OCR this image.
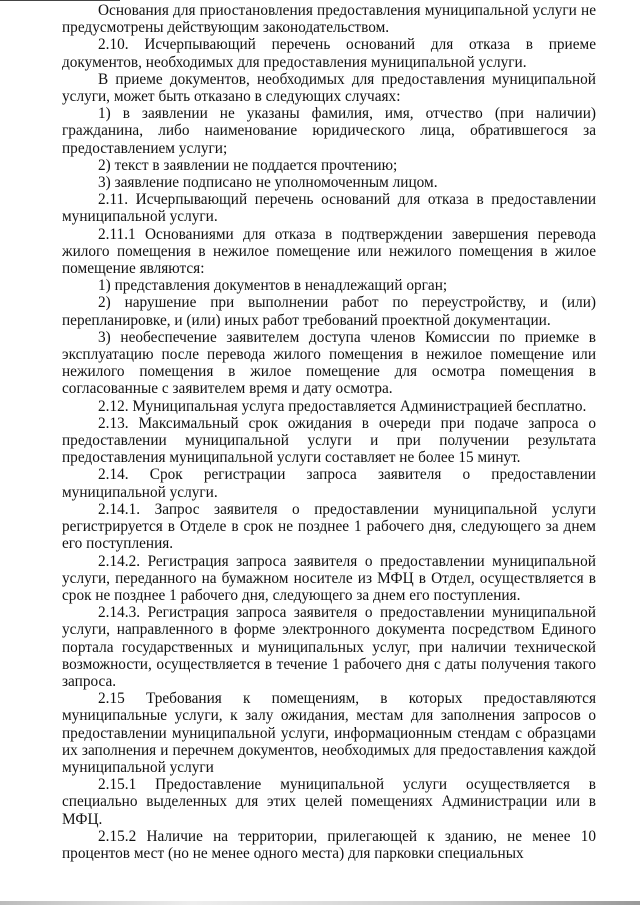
Основания для приостановления предоставления муниципальной услуги не предусмотрены действующим законодательством.

2.10. Исчерпывающий перечень оснований для отказа в приеме документов, необходимых для предоставления муниципальной услуги.

В приеме документов, необходимых для предоставления муниципальной услуги, может быть отказано в следующих случаях:

1) в заявлении не указаны фамилия, имя, отчество (при наличии) гражданина, либо наименование юридического лица, обратившегося за предоставлением услуги;

2) текст в заявлении не поддается прочтению;

3) заявление подписано не уполномоченным лицом.

2.11. Исчерпывающий перечень оснований для отказа в предоставлении муниципальной услуги.

2.11.1 Основаниями для отказа в подтверждении завершения перевода жилого помещения в нежилое помещение или нежилого помещения в жилое помещение являются:

1) представления документов в ненадлежащий орган;

2) нарушение при выполнении работ по переустройству, и (или) перепланировке, и (или) иных работ требований проектной документации.

3) необеспечение заявителем доступа членов Комиссии по приемке в эксплуатацию после перевода жилого помещения в нежилое помещение или нежилого помещения в жилое помещение для осмотра помещения в согласованные с заявителем время и дату осмотра.

2.12. Муниципальная услуга предоставляется Администрацией бесплатно.

2.13. Максимальный срок ожидания в очереди при подаче запроса о предоставлении муниципальной услуги и при получении результата предоставления муниципальной услуги составляет не более 15 минут.

2.14. Срок регистрации запроса заявителя о предоставлении муниципальной услуги.

2.14.1. Запрос заявителя о предоставлении муниципальной услуги регистрируется в Отделе в срок не позднее 1 рабочего дня, следующего за днем его поступления.

2.14.2. Регистрация запроса заявителя о предоставлении муниципальной услуги, переданного на бумажном носителе из МФЦ в Отдел, осуществляется в срок не позднее 1 рабочего дня, следующего за днем его поступления.

2.14.3. Регистрация запроса заявителя о предоставлении муниципальной услуги, направленного в форме электронного документа посредством Единого портала государственных и муниципальных услуг, при наличии технической возможности, осуществляется в течение 1 рабочего дня с даты получения такого запроса.

2.15 Требования к помещениям, в которых предоставляются муниципальные услуги, к залу ожидания, местам для заполнения запросов о предоставлении муниципальной услуги, информационным стендам с образцами их заполнения и перечнем документов, необходимых для предоставления каждой муниципальной услуги

2.15.1 Предоставление муниципальной услуги осуществляется в специально выделенных для этих целей помещениях Администрации или в МФЦ.

2.15.2 Наличие на территории, прилегающей к зданию, не менее 10 процентов мест (но не менее одного места) для парковки специальных
